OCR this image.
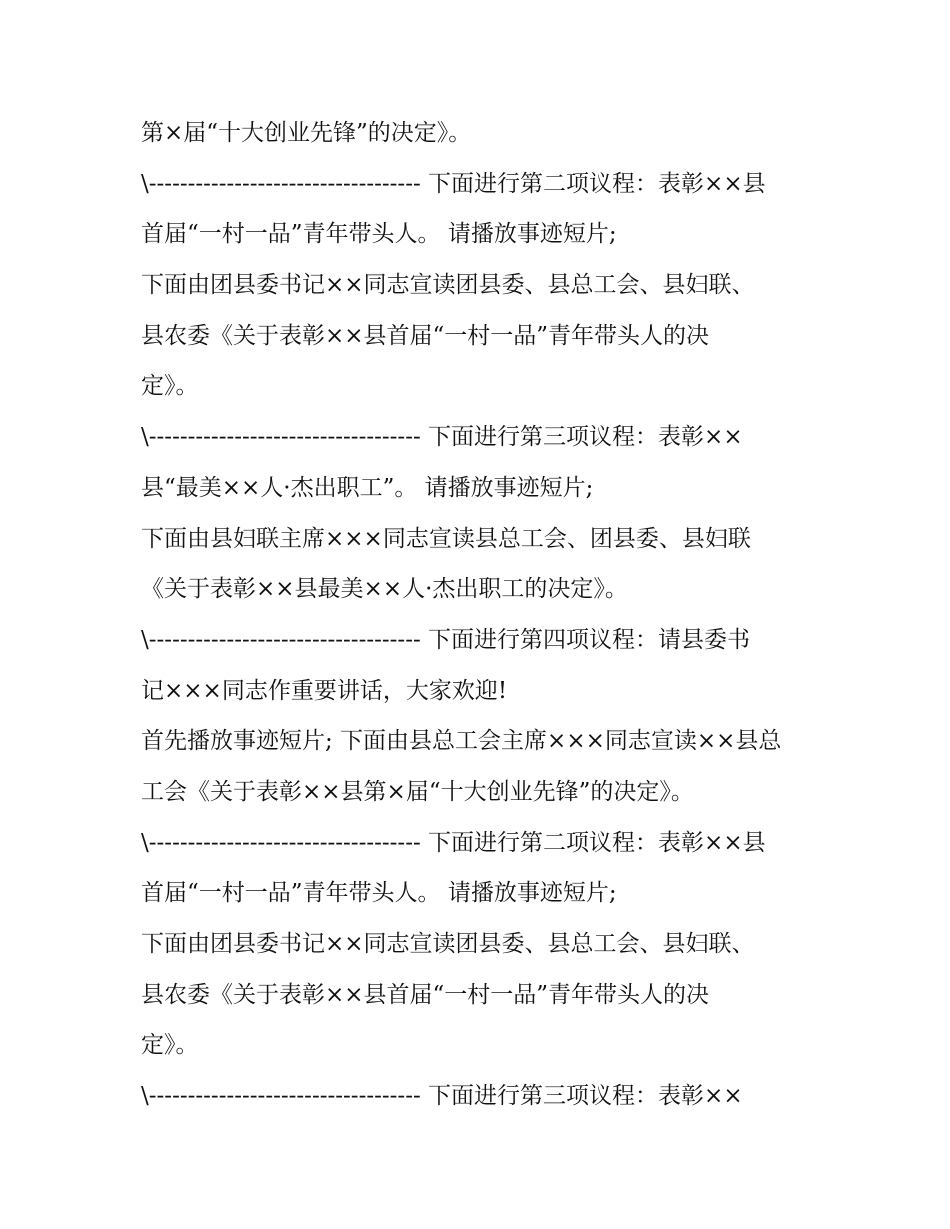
第×届“十大创业先锋”的决定》。
\----------------------------------- 下面进行第二项议程：表彰××县
首届“一村一品”青年带头人。 请播放事迹短片;
下面由团县委书记××同志宣读团县委、县总工会、县妇联、
县农委《关于表彰××县首届“一村一品”青年带头人的决
定》。
\----------------------------------- 下面进行第三项议程：表彰××
县“最美××人·杰出职工”。 请播放事迹短片;
下面由县妇联主席×××同志宣读县总工会、团县委、县妇联
《关于表彰××县最美××人·杰出职工的决定》。
\----------------------------------- 下面进行第四项议程：请县委书
记×××同志作重要讲话，大家欢迎!
首先播放事迹短片; 下面由县总工会主席×××同志宣读××县总
工会《关于表彰××县第×届“十大创业先锋”的决定》。
\----------------------------------- 下面进行第二项议程：表彰××县
首届“一村一品”青年带头人。 请播放事迹短片;
下面由团县委书记××同志宣读团县委、县总工会、县妇联、
县农委《关于表彰××县首届“一村一品”青年带头人的决
定》。
\----------------------------------- 下面进行第三项议程：表彰××
